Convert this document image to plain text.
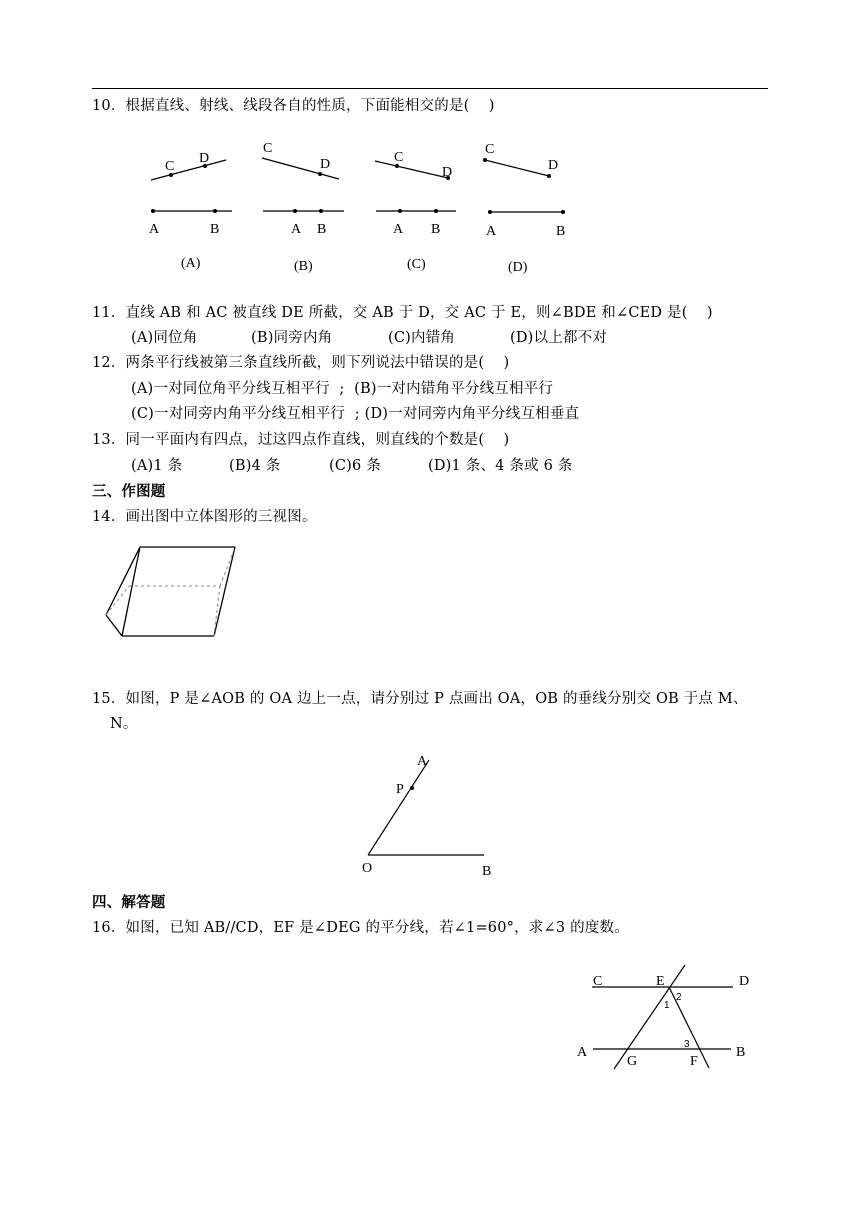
10．根据直线、射线、线段各自的性质，下面能相交的是(    )
C
D
A	B
(A)
C
D
A B
(B)
C
D
A B
(C)
C
D
A	B
(D)
A
P
O	B
C	E	D
A
G	F
B
1
2
3
11．直线 AB 和 AC 被直线 DE 所截，交 AB 于 D，交 AC 于 E，则∠BDE 和∠CED 是(    )
(A)同位角	(B)同旁内角	(C)内错角	(D)以上都不对
12．两条平行线被第三条直线所截，则下列说法中错误的是(    )
(A)一对同位角平分线互相平行  ;  (B)一对内错角平分线互相平行
(C)一对同旁内角平分线互相平行  ; (D)一对同旁内角平分线互相垂直
13．同一平面内有四点，过这四点作直线，则直线的个数是(    )
(A)1 条	(B)4 条	(C)6 条	(D)1 条、4 条或 6 条
三、作图题
14．画出图中立体图形的三视图。
15．如图，P 是∠AOB 的 OA 边上一点，请分别过 P 点画出 OA，OB 的垂线分别交 OB 于点 M、
N。
四、解答题
16．如图，已知 AB//CD，EF 是∠DEG 的平分线，若∠1=60°，求∠3 的度数。
